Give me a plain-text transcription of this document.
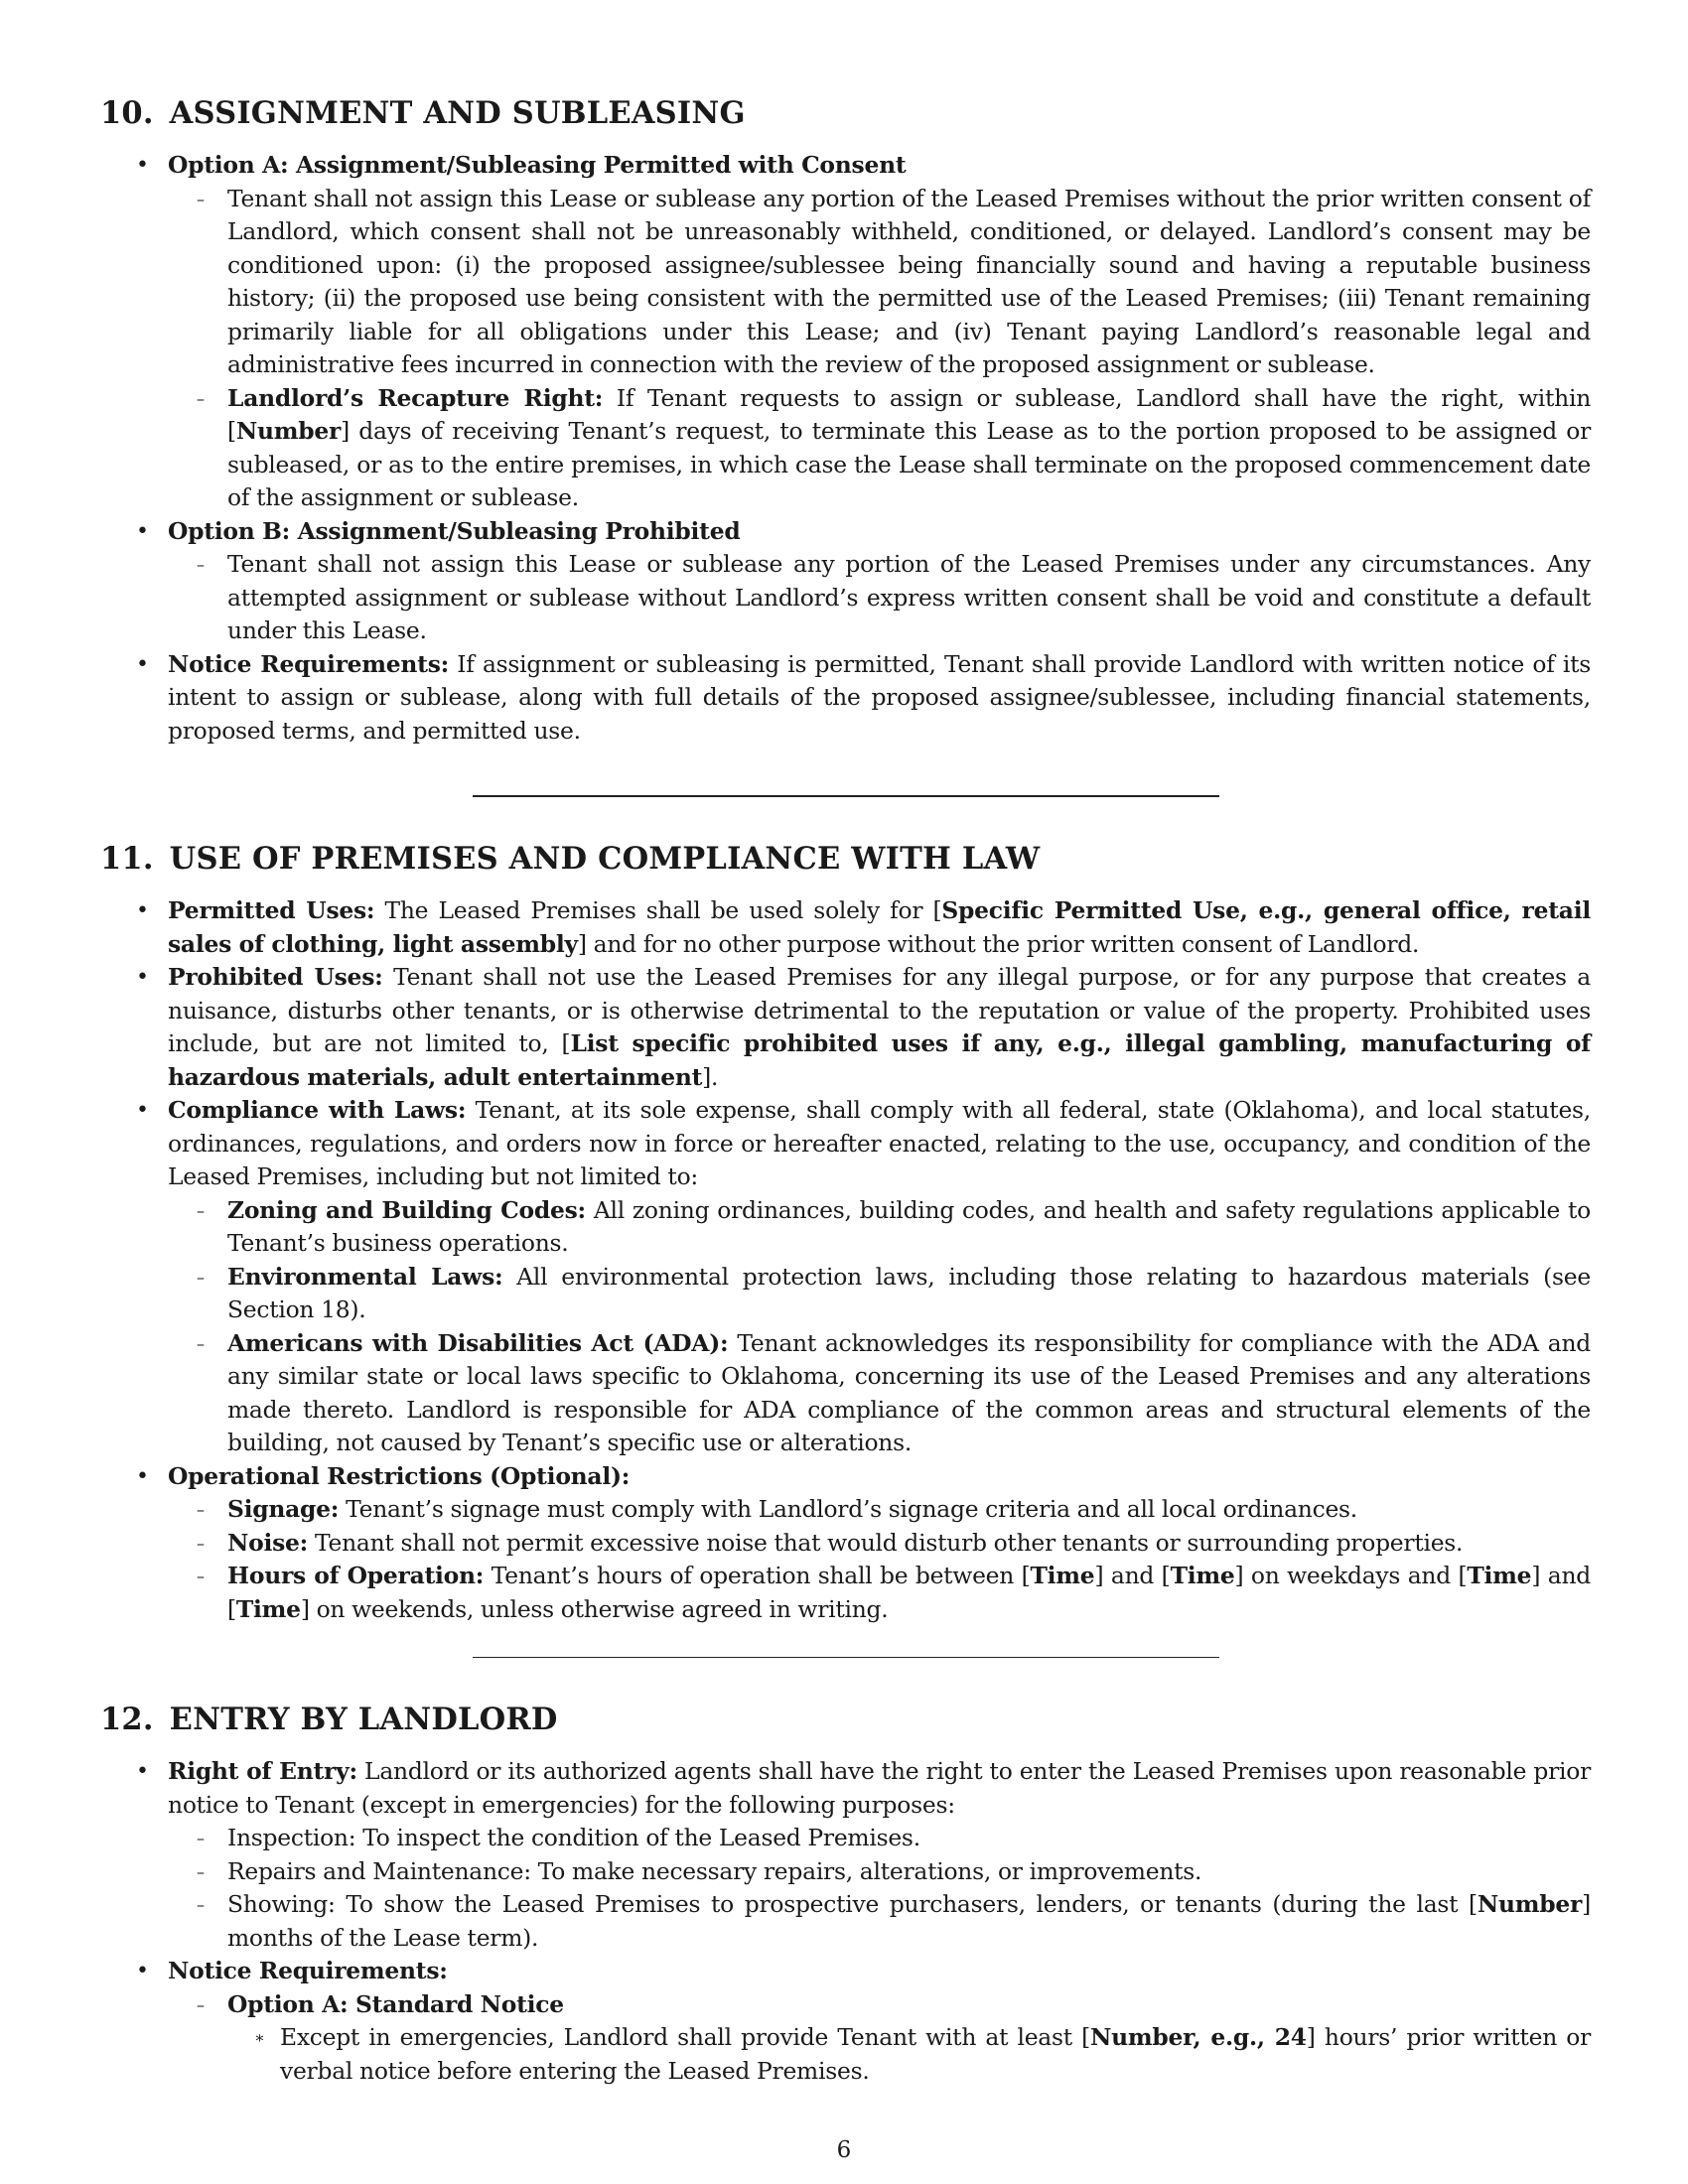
10. ASSIGNMENT AND SUBLEASING

• Option A: Assignment/Subleasing Permitted with Consent

– Tenant shall not assign this Lease or sublease any portion of the Leased Premises without the prior written consent of Landlord, which consent shall not be unreasonably withheld, conditioned, or delayed. Landlord’s consent may be conditioned upon: (i) the proposed assignee/sublessee being financially sound and having a reputable business history; (ii) the proposed use being consistent with the permitted use of the Leased Premises; (iii) Tenant remaining primarily liable for all obligations under this Lease; and (iv) Tenant paying Landlord’s reasonable legal and administrative fees incurred in connection with the review of the proposed assignment or sublease.

– Landlord’s Recapture Right: If Tenant requests to assign or sublease, Landlord shall have the right, within [Number] days of receiving Tenant’s request, to terminate this Lease as to the portion proposed to be assigned or subleased, or as to the entire premises, in which case the Lease shall terminate on the proposed commencement date of the assignment or sublease.

• Option B: Assignment/Subleasing Prohibited

– Tenant shall not assign this Lease or sublease any portion of the Leased Premises under any circumstances. Any attempted assignment or sublease without Landlord’s express written consent shall be void and constitute a default under this Lease.

• Notice Requirements: If assignment or subleasing is permitted, Tenant shall provide Landlord with written notice of its intent to assign or sublease, along with full details of the proposed assignee/sublessee, including financial statements, proposed terms, and permitted use.

11. USE OF PREMISES AND COMPLIANCE WITH LAW

• Permitted Uses: The Leased Premises shall be used solely for [Specific Permitted Use, e.g., general office, retail sales of clothing, light assembly] and for no other purpose without the prior written consent of Landlord.

• Prohibited Uses: Tenant shall not use the Leased Premises for any illegal purpose, or for any purpose that creates a nuisance, disturbs other tenants, or is otherwise detrimental to the reputation or value of the property. Prohibited uses include, but are not limited to, [List specific prohibited uses if any, e.g., illegal gambling, manufacturing of hazardous materials, adult entertainment].

• Compliance with Laws: Tenant, at its sole expense, shall comply with all federal, state (Oklahoma), and local statutes, ordinances, regulations, and orders now in force or hereafter enacted, relating to the use, occupancy, and condition of the Leased Premises, including but not limited to:

– Zoning and Building Codes: All zoning ordinances, building codes, and health and safety regulations applicable to Tenant’s business operations.

– Environmental Laws: All environmental protection laws, including those relating to hazardous materials (see Section 18).

– Americans with Disabilities Act (ADA): Tenant acknowledges its responsibility for compliance with the ADA and any similar state or local laws specific to Oklahoma, concerning its use of the Leased Premises and any alterations made thereto. Landlord is responsible for ADA compliance of the common areas and structural elements of the building, not caused by Tenant’s specific use or alterations.

• Operational Restrictions (Optional):

– Signage: Tenant’s signage must comply with Landlord’s signage criteria and all local ordinances.

– Noise: Tenant shall not permit excessive noise that would disturb other tenants or surrounding properties.

– Hours of Operation: Tenant’s hours of operation shall be between [Time] and [Time] on weekdays and [Time] and [Time] on weekends, unless otherwise agreed in writing.

12. ENTRY BY LANDLORD

• Right of Entry: Landlord or its authorized agents shall have the right to enter the Leased Premises upon reasonable prior notice to Tenant (except in emergencies) for the following purposes:

– Inspection: To inspect the condition of the Leased Premises.

– Repairs and Maintenance: To make necessary repairs, alterations, or improvements.

– Showing: To show the Leased Premises to prospective purchasers, lenders, or tenants (during the last [Number] months of the Lease term).

• Notice Requirements:

– Option A: Standard Notice

∗ Except in emergencies, Landlord shall provide Tenant with at least [Number, e.g., 24] hours’ prior written or verbal notice before entering the Leased Premises.

6
